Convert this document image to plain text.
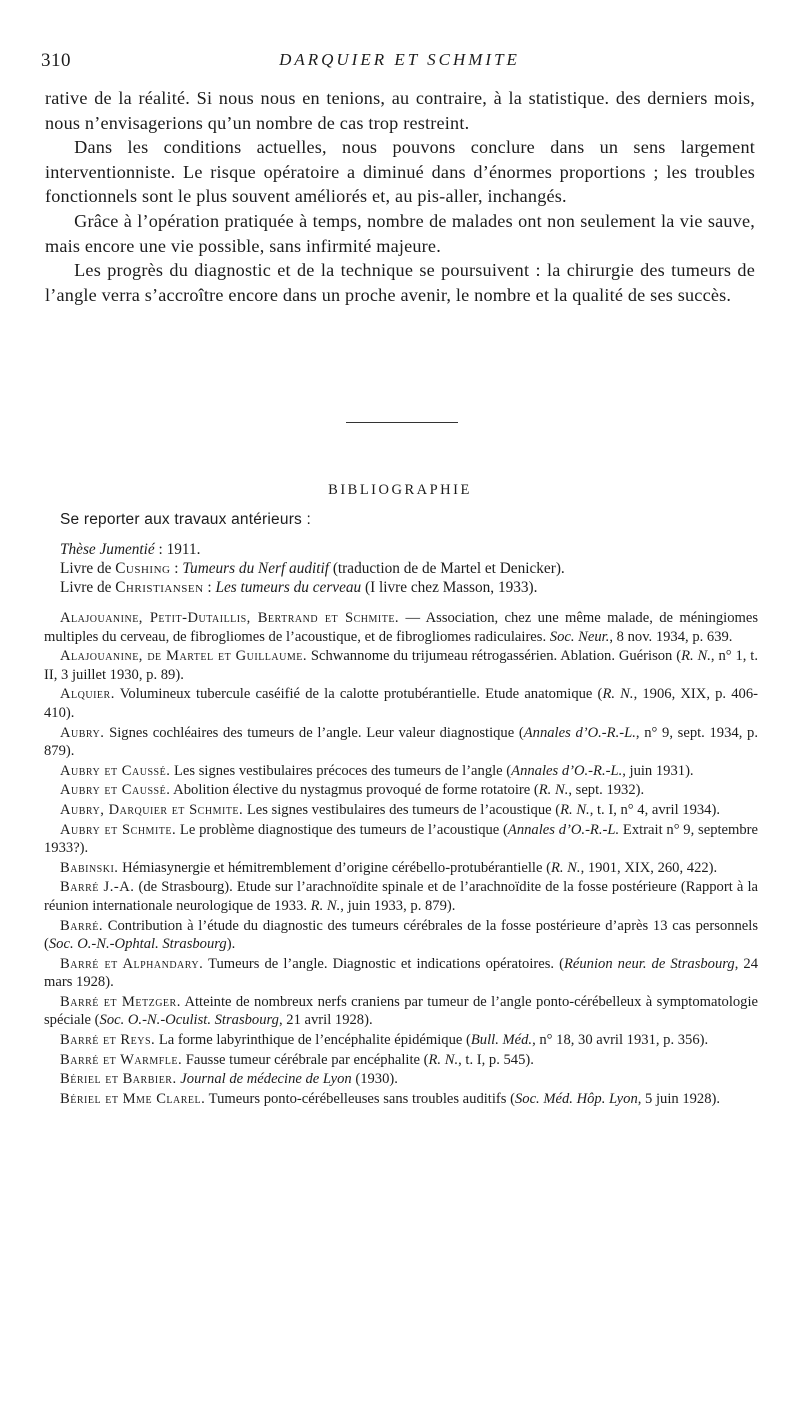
310	DARQUIER ET SCHMITE

rative de la réalité. Si nous nous en tenions, au contraire, à la statistique. des derniers mois, nous n’envisagerions qu’un nombre de cas trop restreint.

Dans les conditions actuelles, nous pouvons conclure dans un sens largement interventionniste. Le risque opératoire a diminué dans d’énormes proportions ; les troubles fonctionnels sont le plus souvent améliorés et, au pis-aller, inchangés.

Grâce à l’opération pratiquée à temps, nombre de malades ont non seulement la vie sauve, mais encore une vie possible, sans infirmité majeure.

Les progrès du diagnostic et de la technique se poursuivent : la chirurgie des tumeurs de l’angle verra s’accroître encore dans un proche avenir, le nombre et la qualité de ses succès.

BIBLIOGRAPHIE
Se reporter aux travaux antérieurs :
Thèse Jumentié : 1911.
Livre de Cushing : Tumeurs du Nerf auditif (traduction de de Martel et Denicker).
Livre de Christiansen : Les tumeurs du cerveau (I livre chez Masson, 1933).
Alajouanine, Petit-Dutaillis, Bertrand et Schmite. — Association, chez une même malade, de méningiomes multiples du cerveau, de fibrogliomes de l’acoustique, et de fibrogliomes radiculaires. Soc. Neur., 8 nov. 1934, p. 639.
Alajouanine, de Martel et Guillaume. Schwannome du trijumeau rétrogassérien. Ablation. Guérison (R. N., n° 1, t. II, 3 juillet 1930, p. 89).
Alquier. Volumineux tubercule caséifié de la calotte protubérantielle. Etude anatomique (R. N., 1906, XIX, p. 406-410).
Aubry. Signes cochléaires des tumeurs de l’angle. Leur valeur diagnostique (Annales d’O.-R.-L., n° 9, sept. 1934, p. 879).
Aubry et Caussé. Les signes vestibulaires précoces des tumeurs de l’angle (Annales d’O.-R.-L., juin 1931).
Aubry et Caussé. Abolition élective du nystagmus provoqué de forme rotatoire (R. N., sept. 1932).
Aubry, Darquier et Schmite. Les signes vestibulaires des tumeurs de l’acoustique (R. N., t. I, n° 4, avril 1934).
Aubry et Schmite. Le problème diagnostique des tumeurs de l’acoustique (Annales d’O.-R.-L. Extrait n° 9, septembre 1933?).
Babinski. Hémiasynergie et hémitremblement d’origine cérébello-protubérantielle (R. N., 1901, XIX, 260, 422).
Barré J.-A. (de Strasbourg). Etude sur l’arachnoïdite spinale et de l’arachnoïdite de la fosse postérieure (Rapport à la réunion internationale neurologique de 1933. R. N., juin 1933, p. 879).
Barré. Contribution à l’étude du diagnostic des tumeurs cérébrales de la fosse postérieure d’après 13 cas personnels (Soc. O.-N.-Ophtal. Strasbourg).
Barré et Alphandary. Tumeurs de l’angle. Diagnostic et indications opératoires. (Réunion neur. de Strasbourg, 24 mars 1928).
Barré et Metzger. Atteinte de nombreux nerfs craniens par tumeur de l’angle ponto-cérébelleux à symptomatologie spéciale (Soc. O.-N.-Oculist. Strasbourg, 21 avril 1928).
Barré et Reys. La forme labyrinthique de l’encéphalite épidémique (Bull. Méd., n° 18, 30 avril 1931, p. 356).
Barré et Warmfle. Fausse tumeur cérébrale par encéphalite (R. N., t. I, p. 545).
Bériel et Barbier. Journal de médecine de Lyon (1930).
Bériel et Mme Clarel. Tumeurs ponto-cérébelleuses sans troubles auditifs (Soc. Méd. Hôp. Lyon, 5 juin 1928).
